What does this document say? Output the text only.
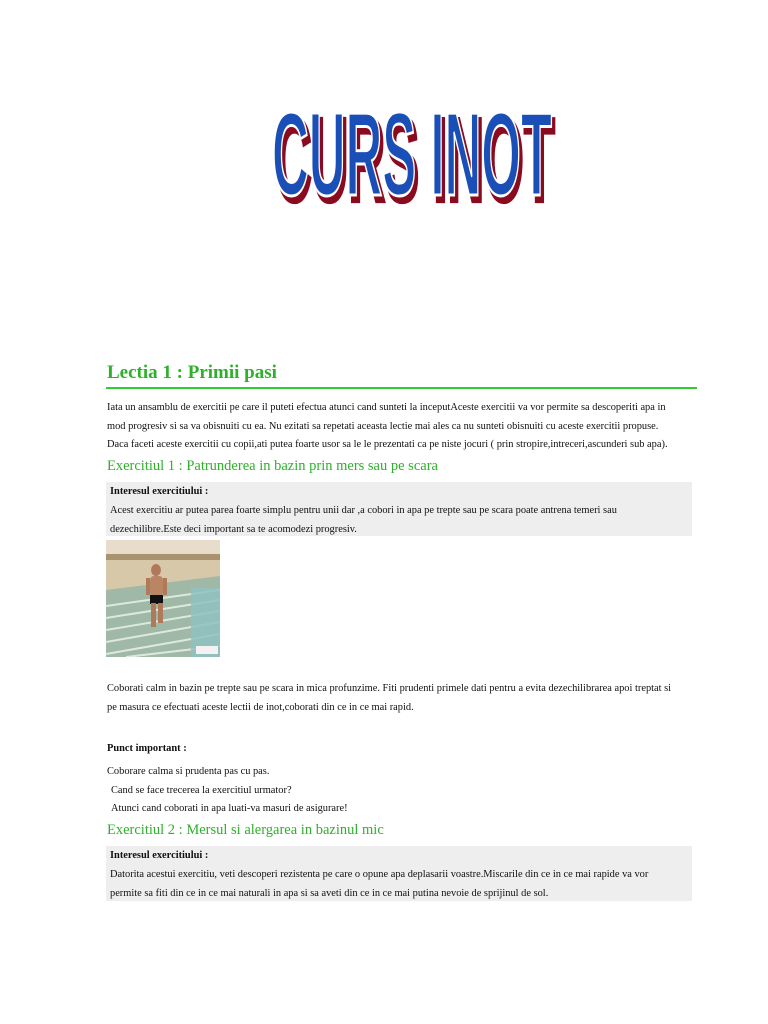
CURS INOT
CURS INOT
Lectia 1 : Primii pasi

Iata un ansamblu de exercitii pe care il puteti efectua atunci cand sunteti la inceputAceste exercitii va vor permite sa descoperiti apa in

mod progresiv si sa va obisnuiti cu ea. Nu ezitati sa repetati aceasta lectie mai ales ca nu sunteti obisnuiti cu aceste exercitii propuse.

Daca faceti aceste exercitii cu copii,ati putea foarte usor sa le le prezentati ca pe niste jocuri ( prin stropire,intreceri,ascunderi sub apa).

Exercitiul 1 : Patrunderea in bazin prin mers sau pe scara
Interesul exercitiului :
Acest exercitiu ar putea parea foarte simplu pentru unii dar ,a cobori in apa pe trepte sau pe scara poate antrena temeri sau
dezechilibre.Este deci important sa te acomodezi progresiv.
Coborati calm in bazin pe trepte sau pe scara in mica profunzime. Fiti prudenti primele dati pentru a evita dezechilibrarea apoi treptat si
pe masura ce efectuati aceste lectii de inot,coborati din ce in ce mai rapid.
Punct important :
Coborare calma si prudenta pas cu pas.
Cand se face trecerea la exercitiul urmator?
Atunci cand coborati in apa luati-va masuri de asigurare!
Exercitiul 2 : Mersul si alergarea in bazinul mic
Interesul exercitiului :
Datorita acestui exercitiu, veti descoperi rezistenta pe care o opune apa deplasarii voastre.Miscarile din ce in ce mai rapide va vor
permite sa fiti din ce in ce mai naturali in apa si sa aveti din ce in ce mai putina nevoie de sprijinul de sol.
